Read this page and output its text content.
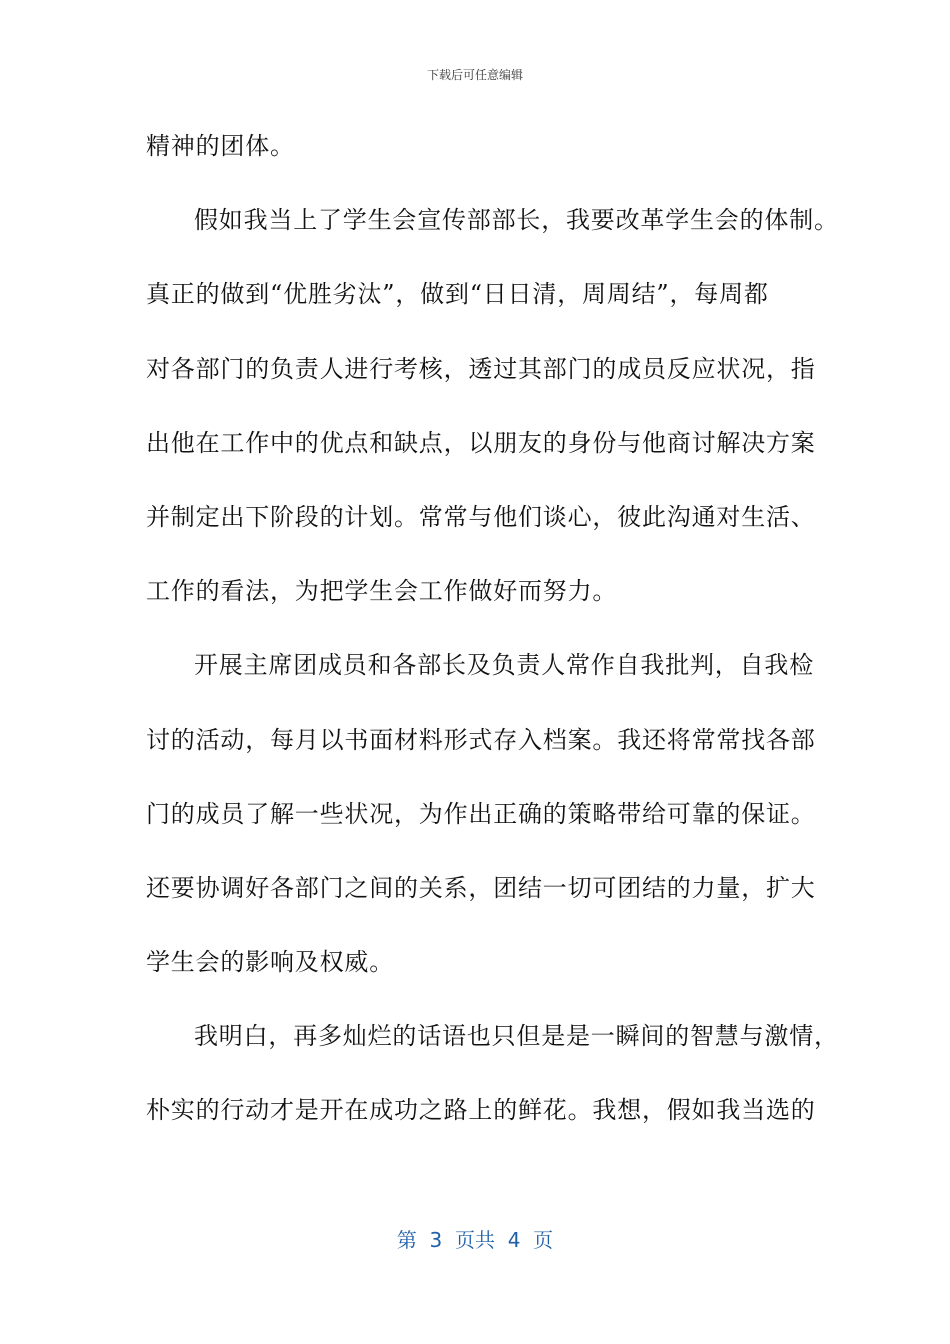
下载后可任意编辑
精神的团体。
假如我当上了学生会宣传部部长，我要改革学生会的体制。
真正的做到“优胜劣汰”，做到“日日清，周周结”，每周都
对各部门的负责人进行考核，透过其部门的成员反应状况，指
出他在工作中的优点和缺点，以朋友的身份与他商讨解决方案
并制定出下阶段的计划。常常与他们谈心，彼此沟通对生活、
工作的看法，为把学生会工作做好而努力。
开展主席团成员和各部长及负责人常作自我批判，自我检
讨的活动，每月以书面材料形式存入档案。我还将常常找各部
门的成员了解一些状况，为作出正确的策略带给可靠的保证。
还要协调好各部门之间的关系，团结一切可团结的力量，扩大
学生会的影响及权威。
我明白，再多灿烂的话语也只但是是一瞬间的智慧与激情，
朴实的行动才是开在成功之路上的鲜花。我想，假如我当选的
第  3  页共  4  页
